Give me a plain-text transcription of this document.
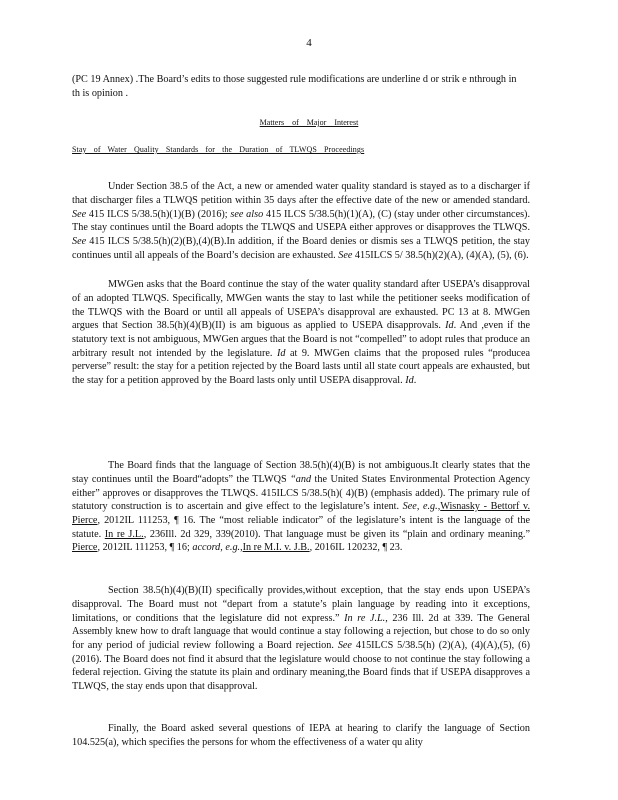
4
(PC 19 Annex) .The Board’s edits to those suggested rule modifications are underline d or strik e nthrough in th is opinion .
Matters of Major Interest
Stay of Water Quality Standards for the Duration of TLWQS Proceedings

Under Section 38.5 of the Act, a new or amended water quality standard is stayed as to a discharger if that discharger files a TLWQS petition within 35 days after the effective date of the new or amended standard. See 415 ILCS 5/38.5(h)(1)(B) (2016); see also 415 ILCS 5/38.5(h)(1)(A), (C) (stay under other circumstances). The stay continues until the Board adopts the TLWQS and USEPA either approves or disapproves the TLWQS. See 415 ILCS 5/38.5(h)(2)(B),(4)(B).In addition, if the Board denies or dismis ses a TLWQS petition, the stay continues until all appeals of the Board’s decision are exhausted. See 415ILCS 5/ 38.5(h)(2)(A), (4)(A), (5), (6).

MWGen asks that the Board continue the stay of the water quality standard after USEPA’s disapproval of an adopted TLWQS. Specifically, MWGen wants the stay to last while the petitioner seeks modification of the TLWQS with the Board or until all appeals of USEPA’s disapproval are exhausted. PC 13 at 8. MWGen argues that Section 38.5(h)(4)(B)(II) is am biguous as applied to USEPA disapprovals. Id. And ,even if the statutory text is not ambiguous, MWGen argues that the Board is not “compelled” to adopt rules that produce an arbitrary result not intended by the legislature. Id at 9. MWGen claims that the proposed rules “producea perverse” result: the stay for a petition rejected by the Board lasts until all state court appeals are exhausted, but the stay for a petition approved by the Board lasts only until USEPA disapproval. Id.

The Board finds that the language of Section 38.5(h)(4)(B) is not ambiguous.It clearly states that the stay continues until the Board“adopts” the TLWQS “and the United States Environmental Protection Agency either” approves or disapproves the TLWQS. 415ILCS 5/38.5(h)( 4)(B) (emphasis added). The primary rule of statutory construction is to ascertain and give effect to the legislature’s intent. See, e.g.,Wisnasky - Bettorf v. Pierce, 2012IL 111253, ¶ 16. The “most reliable indicator” of the legislature’s intent is the language of the statute. In re J.L., 236Ill. 2d 329, 339(2010). That language must be given its “plain and ordinary meaning.” Pierce, 2012IL 111253, ¶ 16; accord, e.g.,In re M.I. v. J.B., 2016IL 120232, ¶ 23.

Section 38.5(h)(4)(B)(II) specifically provides,without exception, that the stay ends upon USEPA’s disapproval. The Board must not “depart from a statute’s plain language by reading into it exceptions, limitations, or conditions that the legislature did not express.” In re J.L., 236 Ill. 2d at 339. The General Assembly knew how to draft language that would continue a stay following a rejection, but chose to do so only for any period of judicial review following a Board rejection. See 415ILCS 5/38.5(h) (2)(A), (4)(A),(5), (6) (2016). The Board does not find it absurd that the legislature would choose to not continue the stay following a federal rejection. Giving the statute its plain and ordinary meaning,the Board finds that if USEPA disapproves a TLWQS, the stay ends upon that disapproval.

Finally, the Board asked several questions of IEPA at hearing to clarify the language of Section 104.525(a), which specifies the persons for whom the effectiveness of a water qu ality
